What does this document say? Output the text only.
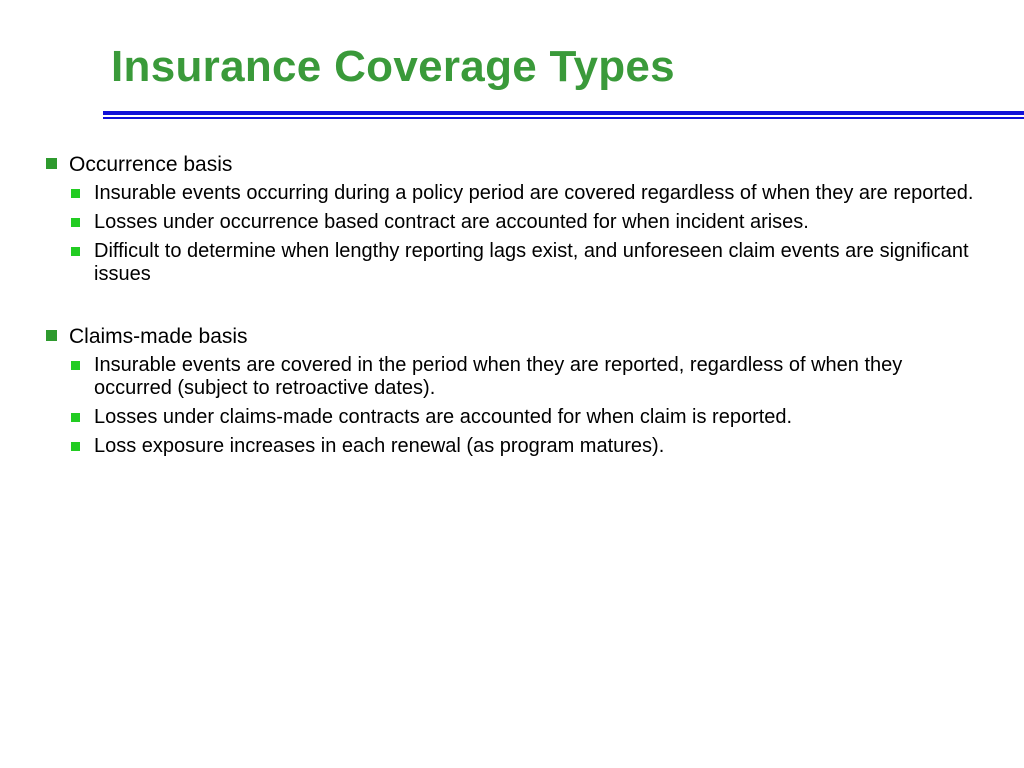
Insurance Coverage Types
Occurrence basis
Insurable events occurring during a policy period are covered regardless of when they are reported.
Losses under occurrence based contract are accounted for when incident arises.
Difficult to determine when lengthy reporting lags exist, and unforeseen claim events are significant issues
Claims-made basis
Insurable events are covered in the period when they are reported, regardless of when they occurred (subject to retroactive dates).
Losses under claims-made contracts are accounted for when claim is reported.
Loss exposure increases in each renewal (as program matures).
